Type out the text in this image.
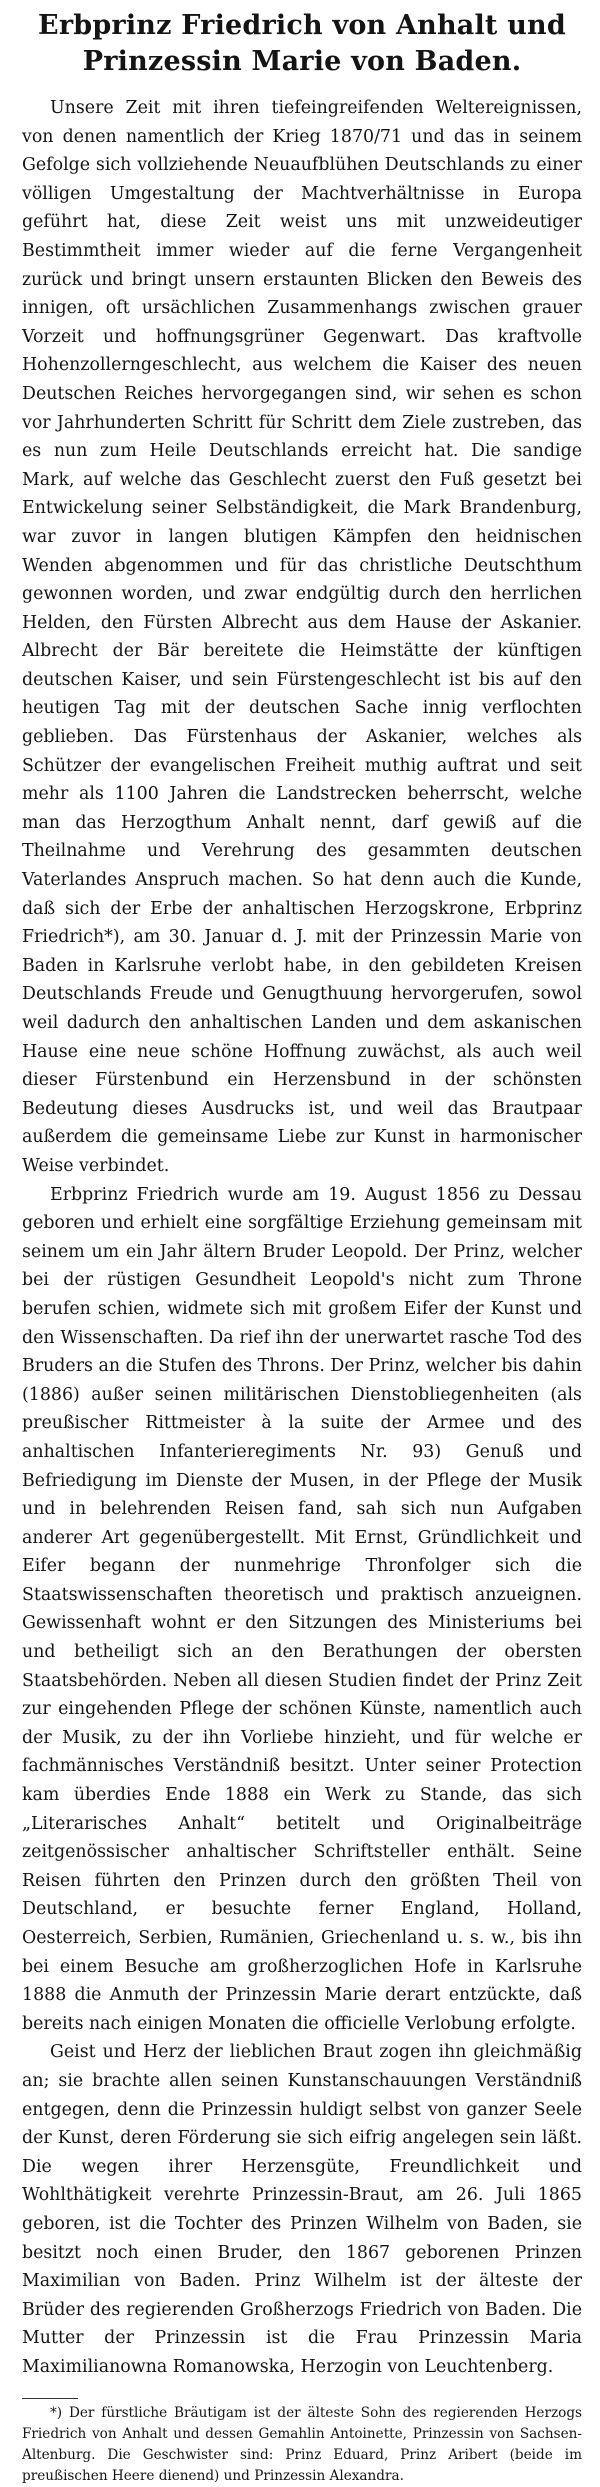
Erbprinz Friedrich von Anhalt und Prinzessin Marie von Baden.

Unsere Zeit mit ihren tiefeingreifenden Weltereignissen, von denen namentlich der Krieg 1870/71 und das in seinem Gefolge sich vollziehende Neuaufblühen Deutschlands zu einer völligen Umgestaltung der Machtverhältnisse in Europa geführt hat, diese Zeit weist uns mit unzweideutiger Bestimmtheit immer wieder auf die ferne Vergangenheit zurück und bringt unsern erstaunten Blicken den Beweis des innigen, oft ursächlichen Zusammenhangs zwischen grauer Vorzeit und hoffnungsgrüner Gegenwart. Das kraftvolle Hohenzollerngeschlecht, aus welchem die Kaiser des neuen Deutschen Reiches hervorgegangen sind, wir sehen es schon vor Jahrhunderten Schritt für Schritt dem Ziele zustreben, das es nun zum Heile Deutschlands erreicht hat. Die sandige Mark, auf welche das Geschlecht zuerst den Fuß gesetzt bei Entwickelung seiner Selbständigkeit, die Mark Brandenburg, war zuvor in langen blutigen Kämpfen den heidnischen Wenden abgenommen und für das christliche Deutschthum gewonnen worden, und zwar endgültig durch den herrlichen Helden, den Fürsten Albrecht aus dem Hause der Askanier. Albrecht der Bär bereitete die Heimstätte der künftigen deutschen Kaiser, und sein Fürstengeschlecht ist bis auf den heutigen Tag mit der deutschen Sache innig verflochten geblieben. Das Fürstenhaus der Askanier, welches als Schützer der evangelischen Freiheit muthig auftrat und seit mehr als 1100 Jahren die Landstrecken beherrscht, welche man das Herzogthum Anhalt nennt, darf gewiß auf die Theilnahme und Verehrung des gesammten deutschen Vaterlandes Anspruch machen. So hat denn auch die Kunde, daß sich der Erbe der anhaltischen Herzogskrone, Erbprinz Friedrich*), am 30. Januar d. J. mit der Prinzessin Marie von Baden in Karlsruhe verlobt habe, in den gebildeten Kreisen Deutschlands Freude und Genugthuung hervorgerufen, sowol weil dadurch den anhaltischen Landen und dem askanischen Hause eine neue schöne Hoffnung zuwächst, als auch weil dieser Fürstenbund ein Herzensbund in der schönsten Bedeutung dieses Ausdrucks ist, und weil das Brautpaar außerdem die gemeinsame Liebe zur Kunst in harmonischer Weise verbindet.

Erbprinz Friedrich wurde am 19. August 1856 zu Dessau geboren und erhielt eine sorgfältige Erziehung gemeinsam mit seinem um ein Jahr ältern Bruder Leopold. Der Prinz, welcher bei der rüstigen Gesundheit Leopold's nicht zum Throne berufen schien, widmete sich mit großem Eifer der Kunst und den Wissenschaften. Da rief ihn der unerwartet rasche Tod des Bruders an die Stufen des Throns. Der Prinz, welcher bis dahin (1886) außer seinen militärischen Dienstobliegenheiten (als preußischer Rittmeister à la suite der Armee und des anhaltischen Infanterieregiments Nr. 93) Genuß und Befriedigung im Dienste der Musen, in der Pflege der Musik und in belehrenden Reisen fand, sah sich nun Aufgaben anderer Art gegenübergestellt. Mit Ernst, Gründlichkeit und Eifer begann der nunmehrige Thronfolger sich die Staatswissenschaften theoretisch und praktisch anzueignen. Gewissenhaft wohnt er den Sitzungen des Ministeriums bei und betheiligt sich an den Berathungen der obersten Staatsbehörden. Neben all diesen Studien findet der Prinz Zeit zur eingehenden Pflege der schönen Künste, namentlich auch der Musik, zu der ihn Vorliebe hinzieht, und für welche er fachmännisches Verständniß besitzt. Unter seiner Protection kam überdies Ende 1888 ein Werk zu Stande, das sich „Literarisches Anhalt“ betitelt und Originalbeiträge zeitgenössischer anhaltischer Schriftsteller enthält. Seine Reisen führten den Prinzen durch den größten Theil von Deutschland, er besuchte ferner England, Holland, Oesterreich, Serbien, Rumänien, Griechenland u. s. w., bis ihn bei einem Besuche am großherzoglichen Hofe in Karlsruhe 1888 die Anmuth der Prinzessin Marie derart entzückte, daß bereits nach einigen Monaten die officielle Verlobung erfolgte.

Geist und Herz der lieblichen Braut zogen ihn gleichmäßig an; sie brachte allen seinen Kunstanschauungen Verständniß entgegen, denn die Prinzessin huldigt selbst von ganzer Seele der Kunst, deren Förderung sie sich eifrig angelegen sein läßt. Die wegen ihrer Herzensgüte, Freundlichkeit und Wohlthätigkeit verehrte Prinzessin-Braut, am 26. Juli 1865 geboren, ist die Tochter des Prinzen Wilhelm von Baden, sie besitzt noch einen Bruder, den 1867 geborenen Prinzen Maximilian von Baden. Prinz Wilhelm ist der älteste der Brüder des regierenden Großherzogs Friedrich von Baden. Die Mutter der Prinzessin ist die Frau Prinzessin Maria Maximilianowna Romanowska, Herzogin von Leuchtenberg.

*) Der fürstliche Bräutigam ist der älteste Sohn des regierenden Herzogs Friedrich von Anhalt und dessen Gemahlin Antoinette, Prinzessin von Sachsen-Altenburg. Die Geschwister sind: Prinz Eduard, Prinz Aribert (beide im preußischen Heere dienend) und Prinzessin Alexandra.
